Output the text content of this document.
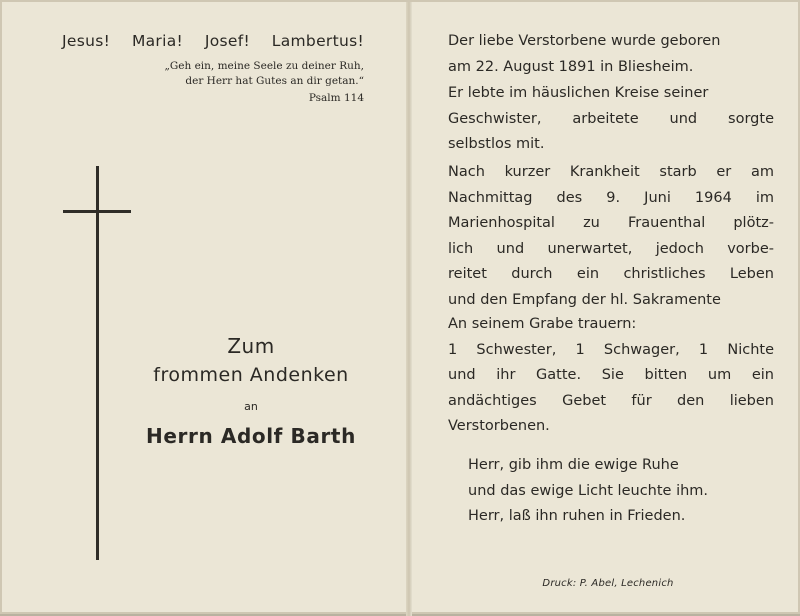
Jesus! Maria! Josef! Lambertus!
„Geh ein, meine Seele zu deiner Ruh,
der Herr hat Gutes an dir getan.“
Psalm 114
Zum
frommen Andenken
an
Herrn Adolf Barth
Der liebe Verstorbene wurde geboren
am 22. August 1891 in Bliesheim.
Er lebte im häuslichen Kreise seiner
Geschwister, arbeitete und sorgte
selbstlos mit.
Nach kurzer Krankheit starb er am
Nachmittag des 9. Juni 1964 im
Marienhospital zu Frauenthal plötz-
lich und unerwartet, jedoch vorbe-
reitet durch ein christliches Leben
und den Empfang der hl. Sakramente
An seinem Grabe trauern:
1 Schwester, 1 Schwager, 1 Nichte
und ihr Gatte. Sie bitten um ein
andächtiges Gebet für den lieben
Verstorbenen.
Herr, gib ihm die ewige Ruhe
und das ewige Licht leuchte ihm.
Herr, laß ihn ruhen in Frieden.
Druck: P. Abel, Lechenich
